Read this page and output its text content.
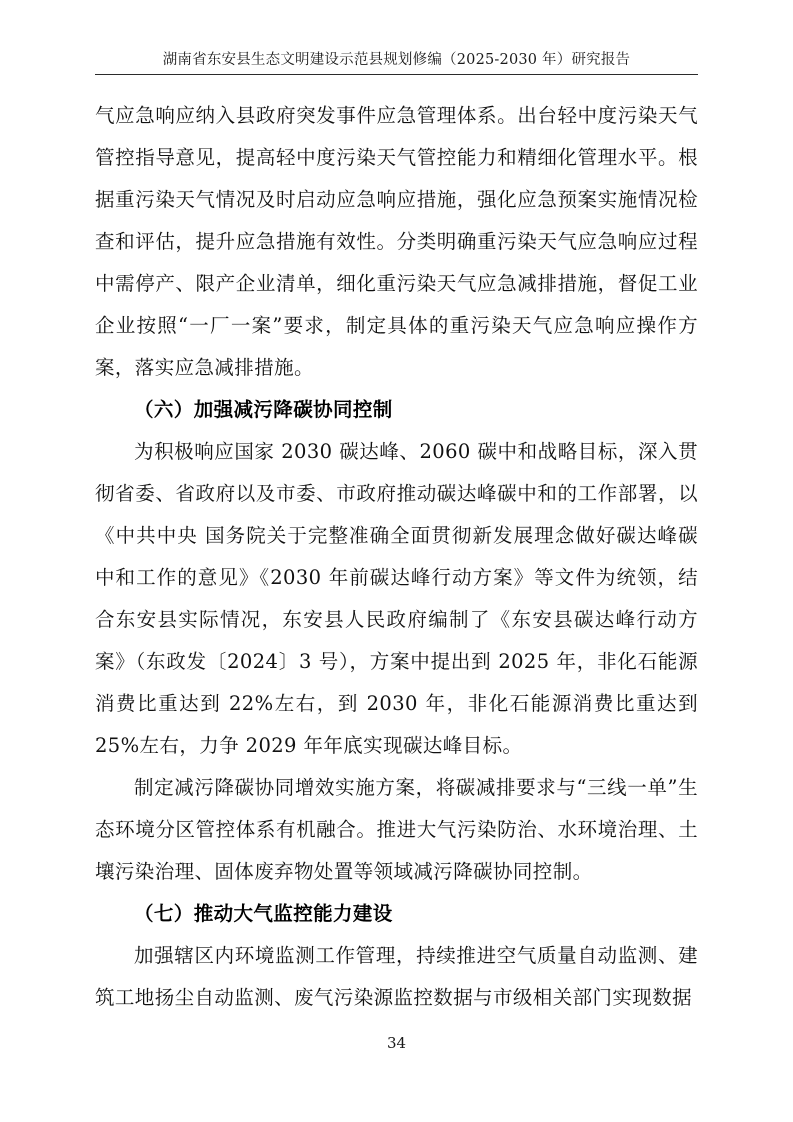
湖南省东安县生态文明建设示范县规划修编（2025-2030 年）研究报告

气应急响应纳入县政府突发事件应急管理体系。出台轻中度污染天气管控指导意见，提高轻中度污染天气管控能力和精细化管理水平。根据重污染天气情况及时启动应急响应措施，强化应急预案实施情况检查和评估，提升应急措施有效性。分类明确重污染天气应急响应过程中需停产、限产企业清单，细化重污染天气应急减排措施，督促工业企业按照“一厂一案”要求，制定具体的重污染天气应急响应操作方案，落实应急减排措施。

（六）加强减污降碳协同控制

为积极响应国家 2030 碳达峰、2060 碳中和战略目标，深入贯彻省委、省政府以及市委、市政府推动碳达峰碳中和的工作部署，以《中共中央 国务院关于完整准确全面贯彻新发展理念做好碳达峰碳中和工作的意见》《2030 年前碳达峰行动方案》等文件为统领，结合东安县实际情况，东安县人民政府编制了《东安县碳达峰行动方案》（东政发〔2024〕3 号），方案中提出到 2025 年，非化石能源消费比重达到 22%左右，到 2030 年，非化石能源消费比重达到 25%左右，力争 2029 年年底实现碳达峰目标。

制定减污降碳协同增效实施方案，将碳减排要求与“三线一单”生态环境分区管控体系有机融合。推进大气污染防治、水环境治理、土壤污染治理、固体废弃物处置等领域减污降碳协同控制。

（七）推动大气监控能力建设

加强辖区内环境监测工作管理，持续推进空气质量自动监测、建筑工地扬尘自动监测、废气污染源监控数据与市级相关部门实现数据

34
